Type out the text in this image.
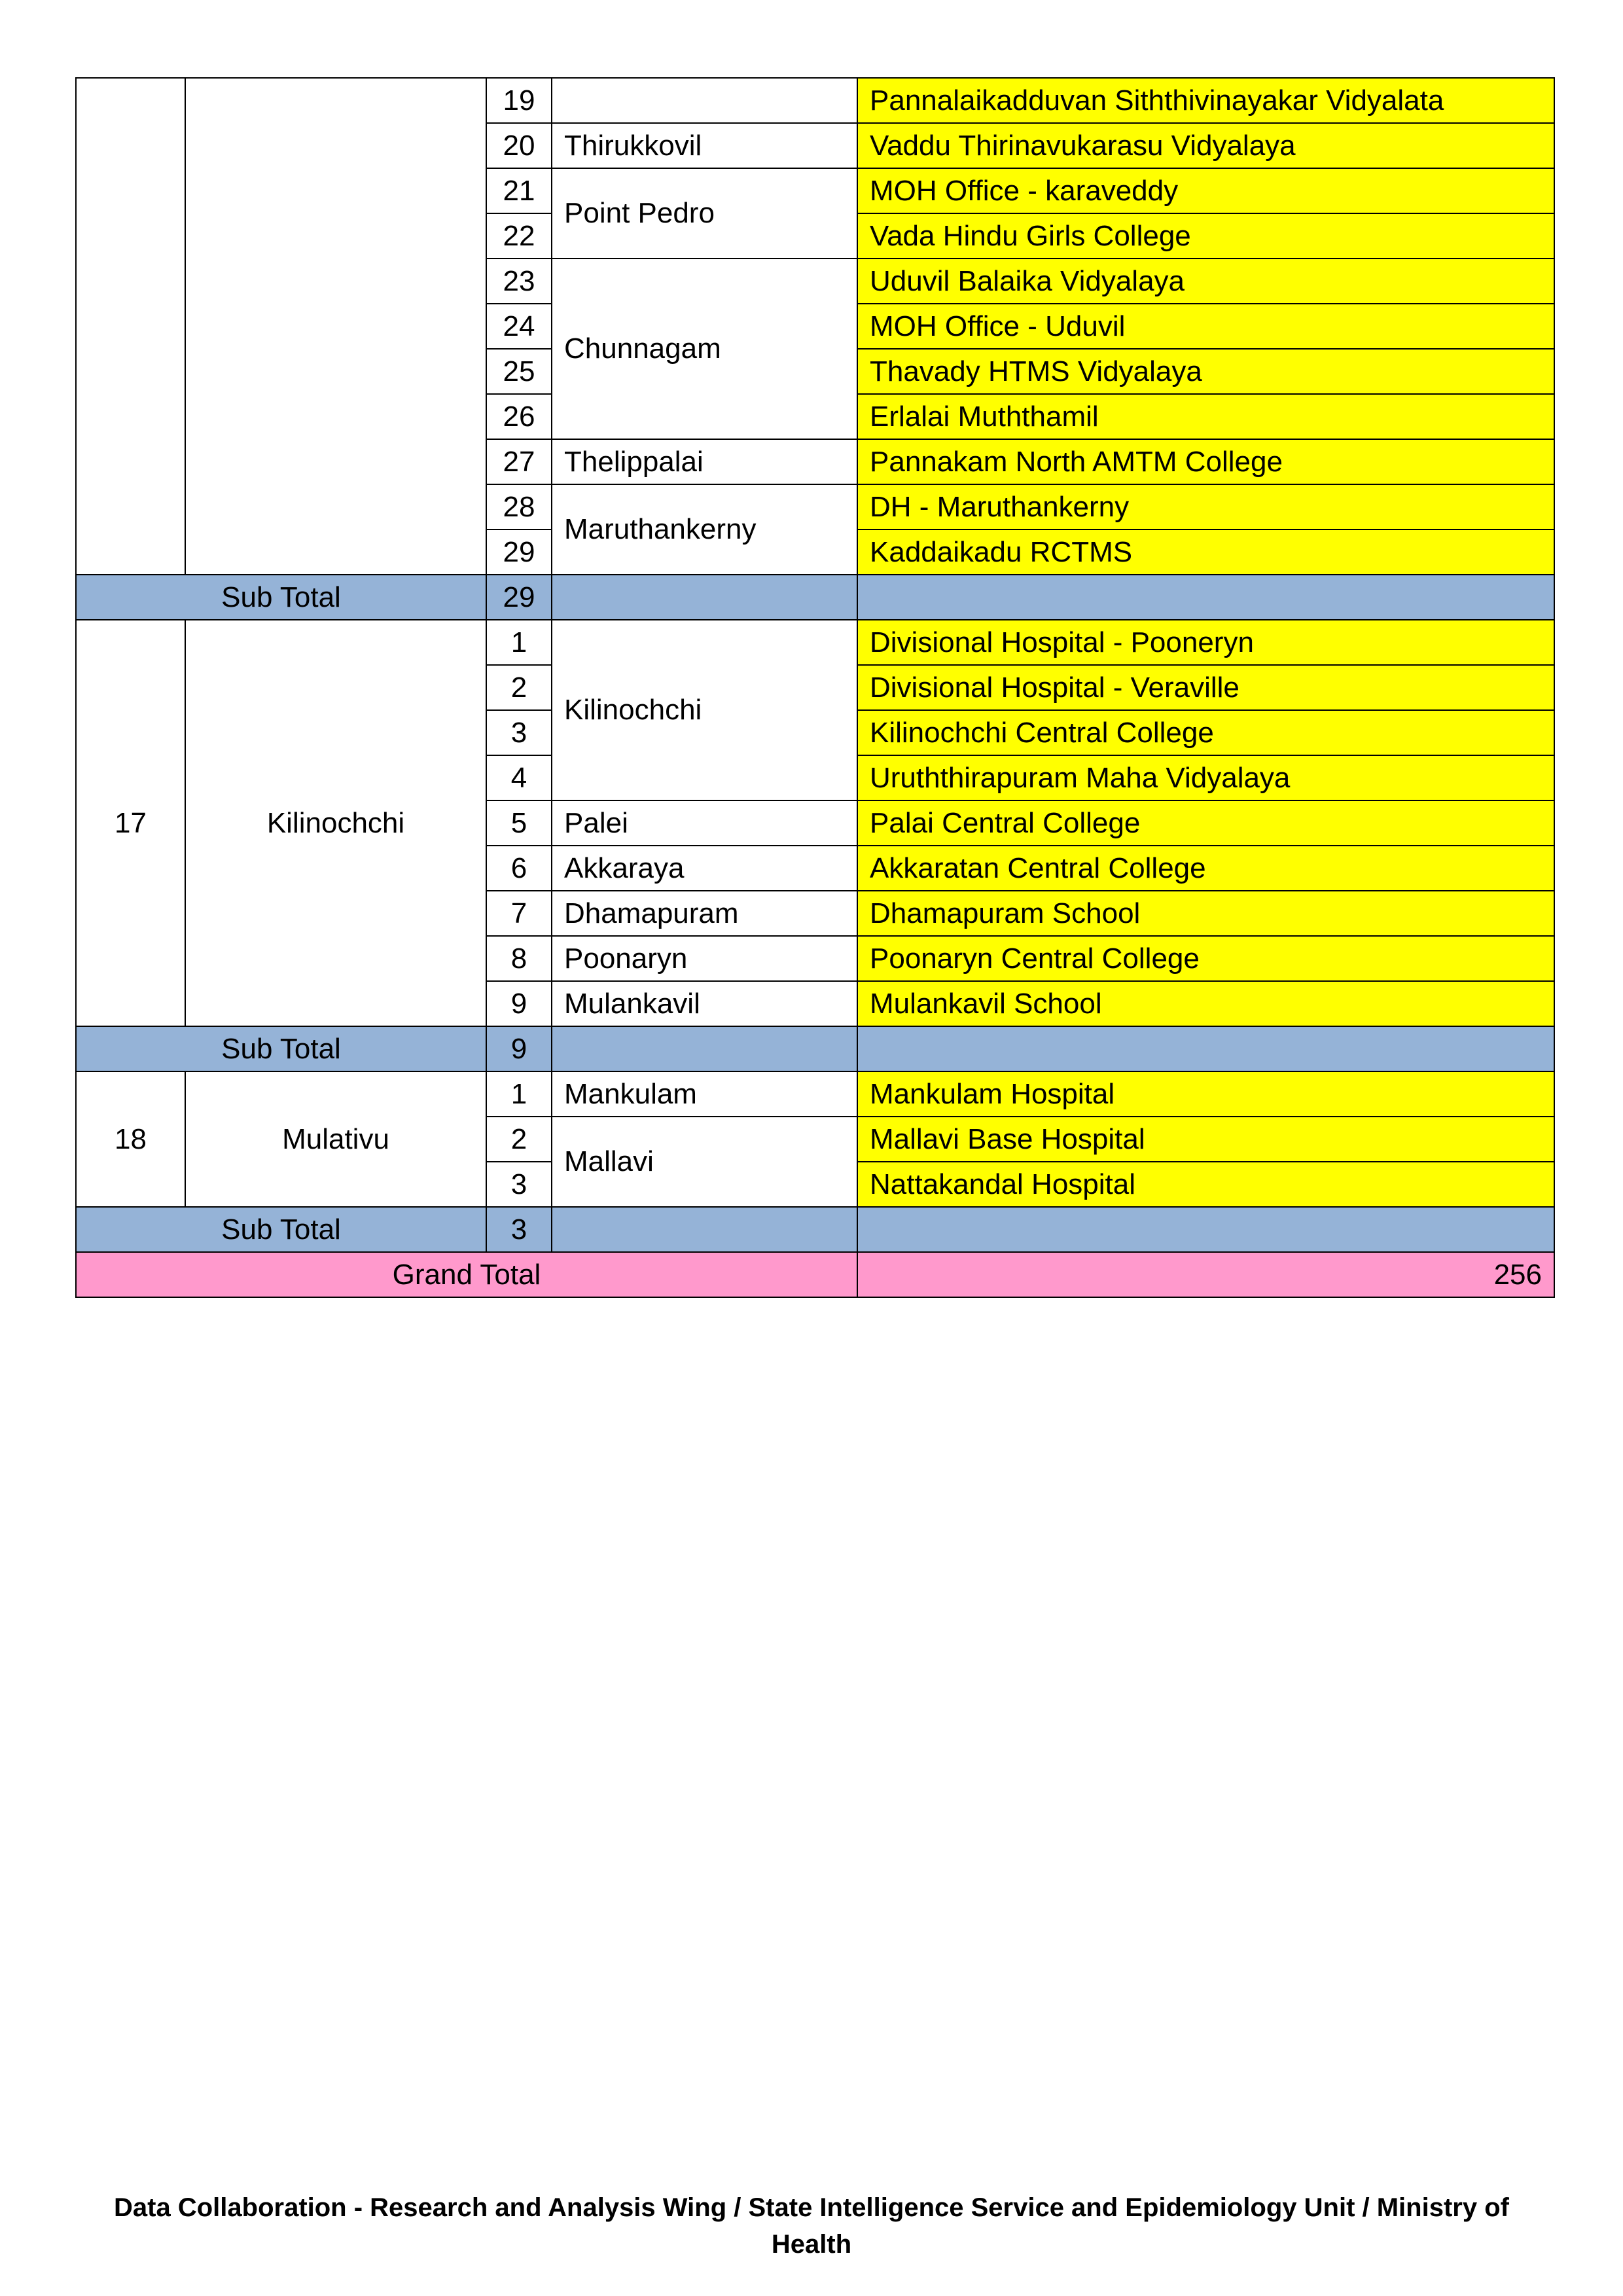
		19		Pannalaikadduvan Siththivinayakar Vidyalata
		20	Thirukkovil	Vaddu Thirinavukarasu Vidyalaya
		21	Point Pedro	MOH Office - karaveddy
		22		Vada Hindu Girls College
		23	Chunnagam	Uduvil Balaika Vidyalaya
		24		MOH Office - Uduvil
		25		Thavady HTMS Vidyalaya
		26		Erlalai Muththamil
		27	Thelippalai	Pannakam North AMTM College
		28	Maruthankerny	DH - Maruthankerny
		29		Kaddaikadu RCTMS
Sub Total		29		
17	Kilinochchi	1	Kilinochchi	Divisional Hospital - Pooneryn
		2		Divisional Hospital - Veraville
		3		Kilinochchi Central College
		4		Uruththirapuram Maha Vidyalaya
		5	Palei	Palai Central College
		6	Akkaraya	Akkaratan Central College
		7	Dhamapuram	Dhamapuram School
		8	Poonaryn	Poonaryn Central College
		9	Mulankavil	Mulankavil School
Sub Total		9		
18	Mulativu	1	Mankulam	Mankulam Hospital
		2	Mallavi	Mallavi Base Hospital
		3		Nattakandal Hospital
Sub Total		3		
Grand Total				256
Data Collaboration - Research and Analysis Wing / State Intelligence Service and Epidemiology Unit / Ministry of Health
